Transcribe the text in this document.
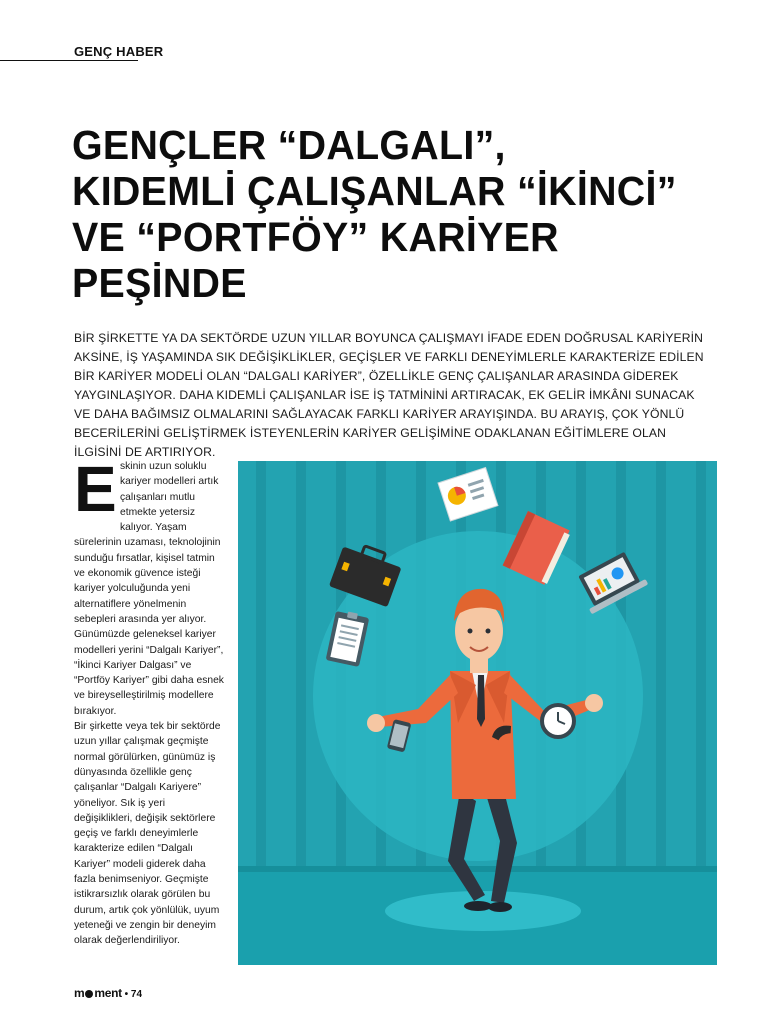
GENÇ HABER
GENÇLER “DALGALI”,
KIDEMLİ ÇALIŞANLAR “İKİNCİ”
VE “PORTFÖY” KARİYER
PEŞİNDE

BİR ŞİRKETTE YA DA SEKTÖRDE UZUN YILLAR BOYUNCA ÇALIŞMAYI İFADE EDEN DOĞRUSAL KARİYERİN AKSİNE, İŞ YAŞAMINDA SIK DEĞİŞİKLİKLER, GEÇİŞLER VE FARKLI DENEYİMLERLE KARAKTERİZE EDİLEN BİR KARİYER MODELİ OLAN “DALGALI KARİYER”, ÖZELLİKLE GENÇ ÇALIŞANLAR ARASINDA GİDEREK YAYGINLAŞIYOR. DAHA KIDEMLİ ÇALIŞANLAR İSE İŞ TATMİNİNİ ARTIRACAK, EK GELİR İMKÂNI SUNACAK VE DAHA BAĞIMSIZ OLMALARINI SAĞLAYACAK FARKLI KARİYER ARAYIŞINDA. BU ARAYIŞ, ÇOK YÖNLÜ BECERİLERİNİ GELİŞTİRMEK İSTEYENLERİN KARİYER GELİŞİMİNE ODAKLANAN EĞİTİMLERE OLAN İLGİSİNİ DE ARTIRIYOR.

E skinin uzun soluklu kariyer modelleri artık çalışanları mutlu etmekte yetersiz kalıyor. Yaşam sürelerinin uzaması, teknolojinin sunduğu fırsatlar, kişisel tatmin ve ekonomik güvence isteği kariyer yolculuğunda yeni alternatiflere yönelmenin sebepleri arasında yer alıyor. Günümüzde geleneksel kariyer modelleri yerini “Dalgalı Kariyer”, “İkinci Kariyer Dalgası” ve “Portföy Kariyer” gibi daha esnek ve bireyselleştirilmiş modellere bırakıyor.

Bir şirkette veya tek bir sektörde uzun yıllar çalışmak geçmişte normal görülürken, günümüz iş dünyasında özellikle genç çalışanlar “Dalgalı Kariyere” yöneliyor. Sık iş yeri değişiklikleri, değişik sektörlere geçiş ve farklı deneyimlerle karakterize edilen “Dalgalı Kariyer” modeli giderek daha fazla benimseniyor. Geçmişte istikrarsızlık olarak görülen bu durum, artık çok yönlülük, uyum yeteneği ve zengin bir deneyim olarak değerlendiriliyor.

m ment • 74
